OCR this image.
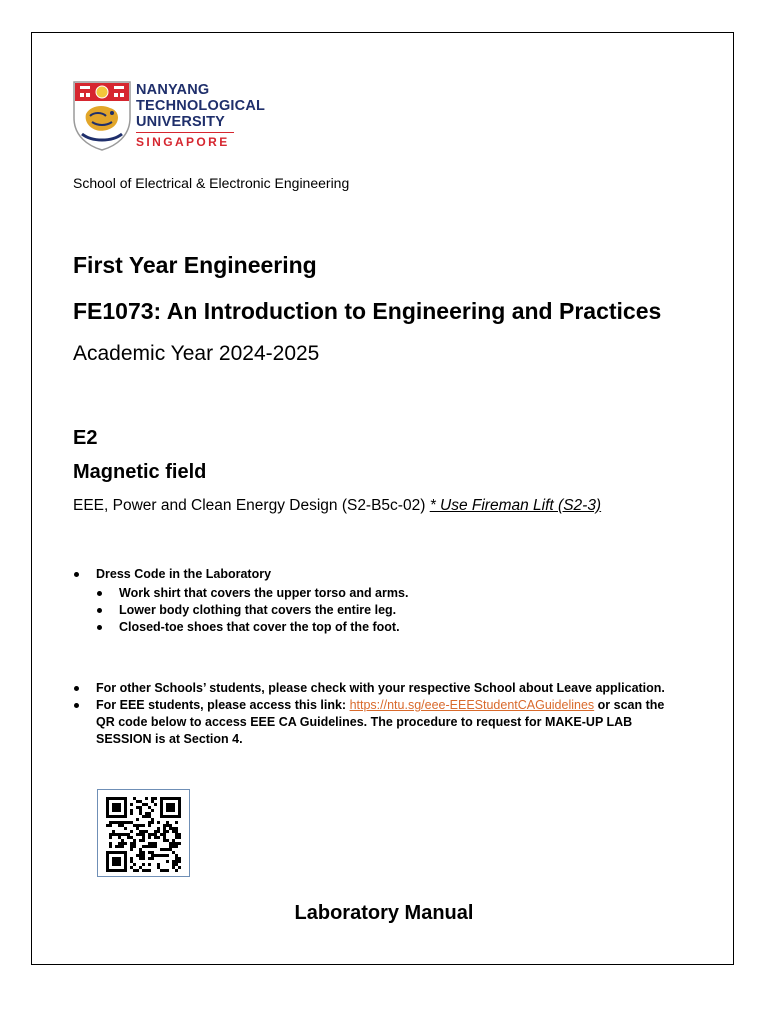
NANYANG
TECHNOLOGICAL
UNIVERSITY
SINGAPORE
School of Electrical & Electronic Engineering
First Year Engineering
FE1073: An Introduction to Engineering and Practices
Academic Year 2024-2025
E2
Magnetic field
EEE, Power and Clean Energy Design (S2-B5c-02) * Use Fireman Lift (S2-3)
Dress Code in the Laboratory
Work shirt that covers the upper torso and arms.
Lower body clothing that covers the entire leg.
Closed-toe shoes that cover the top of the foot.
For other Schools’ students, please check with your respective School about Leave application.
For EEE students, please access this link: https://ntu.sg/eee-EEEStudentCAGuidelines or scan the QR code below to access EEE CA Guidelines. The procedure to request for MAKE-UP LAB SESSION is at Section 4.
Laboratory Manual
